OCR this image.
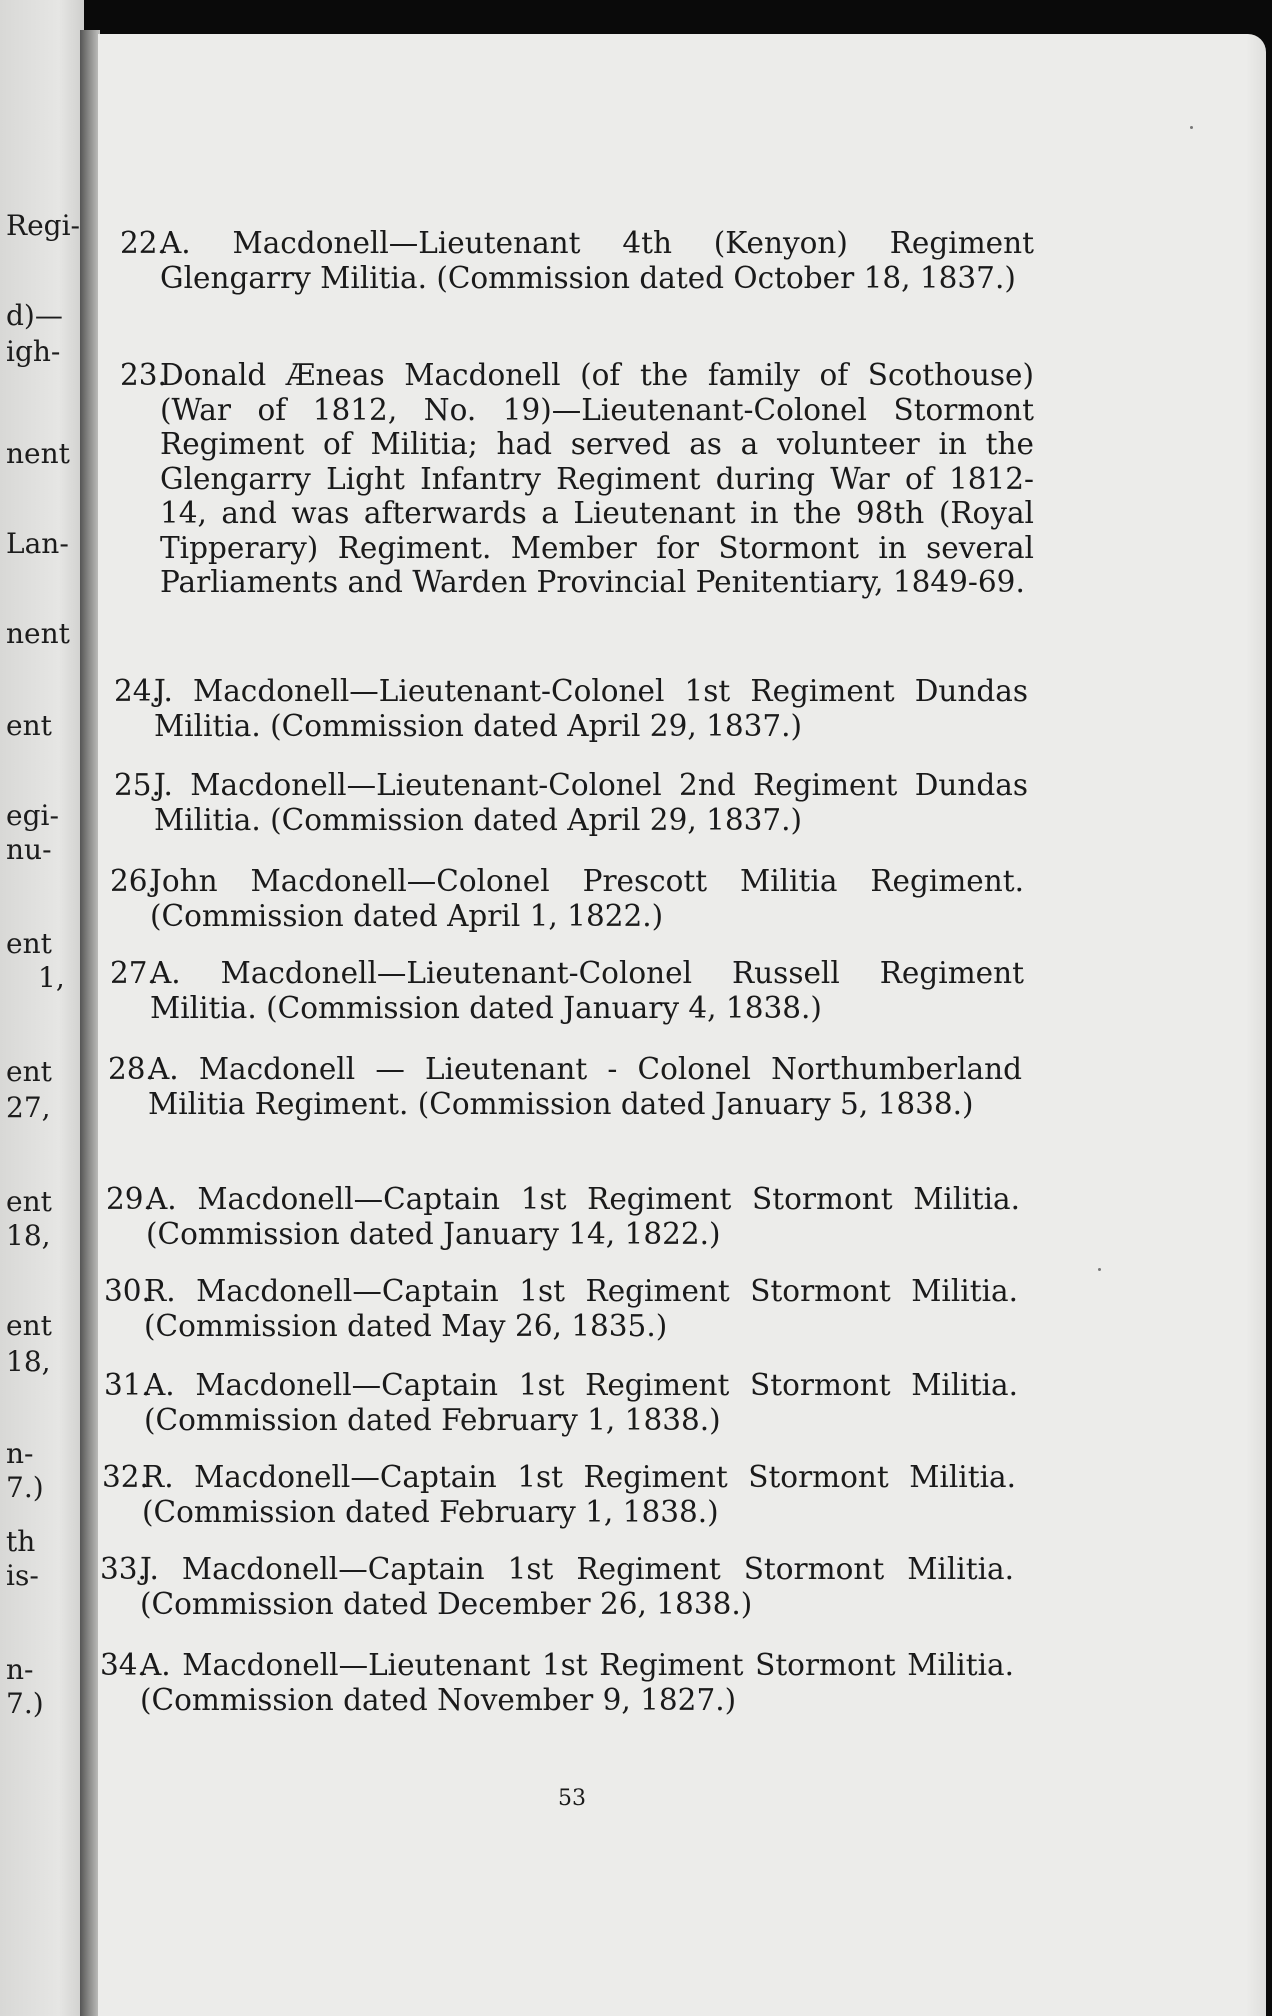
Regi-
d)—
igh-
nent
Lan-
nent
ent
egi-
nu-
ent
1,
ent
27,
ent
18,
ent
18,
n-
7.)
th
is-
n-
7.)
22.A. Macdonell—Lieutenant 4th (Kenyon) Regiment Glengarry Militia. (Commission dated October 18, 1837.)
23.Donald Æneas Macdonell (of the family of Scothouse) (War of 1812, No. 19)—Lieutenant-Colonel Stormont Regiment of Militia; had served as a volunteer in the Glengarry Light Infantry Regiment during War of 1812-14, and was afterwards a Lieutenant in the 98th (Royal Tipperary) Regiment. Member for Stormont in several Parliaments and Warden Provincial Penitentiary, 1849-69.
24.J. Macdonell—Lieutenant-Colonel 1st Regiment Dundas Militia. (Commission dated April 29, 1837.)
25.J. Macdonell—Lieutenant-Colonel 2nd Regiment Dundas Militia. (Commission dated April 29, 1837.)
26.John Macdonell—Colonel Prescott Militia Regiment. (Commission dated April 1, 1822.)
27.A. Macdonell—Lieutenant-Colonel Russell Regiment Militia. (Commission dated January 4, 1838.)
28.A. Macdonell — Lieutenant - Colonel Northumberland Militia Regiment. (Commission dated January 5, 1838.)
29.A. Macdonell—Captain 1st Regiment Stormont Militia. (Commission dated January 14, 1822.)
30.R. Macdonell—Captain 1st Regiment Stormont Militia. (Commission dated May 26, 1835.)
31.A. Macdonell—Captain 1st Regiment Stormont Militia. (Commission dated February 1, 1838.)
32.R. Macdonell—Captain 1st Regiment Stormont Militia. (Commission dated February 1, 1838.)
33.J. Macdonell—Captain 1st Regiment Stormont Militia. (Commission dated December 26, 1838.)
34.A. Macdonell—Lieutenant 1st Regiment Stormont Militia. (Commission dated November 9, 1827.)
53
